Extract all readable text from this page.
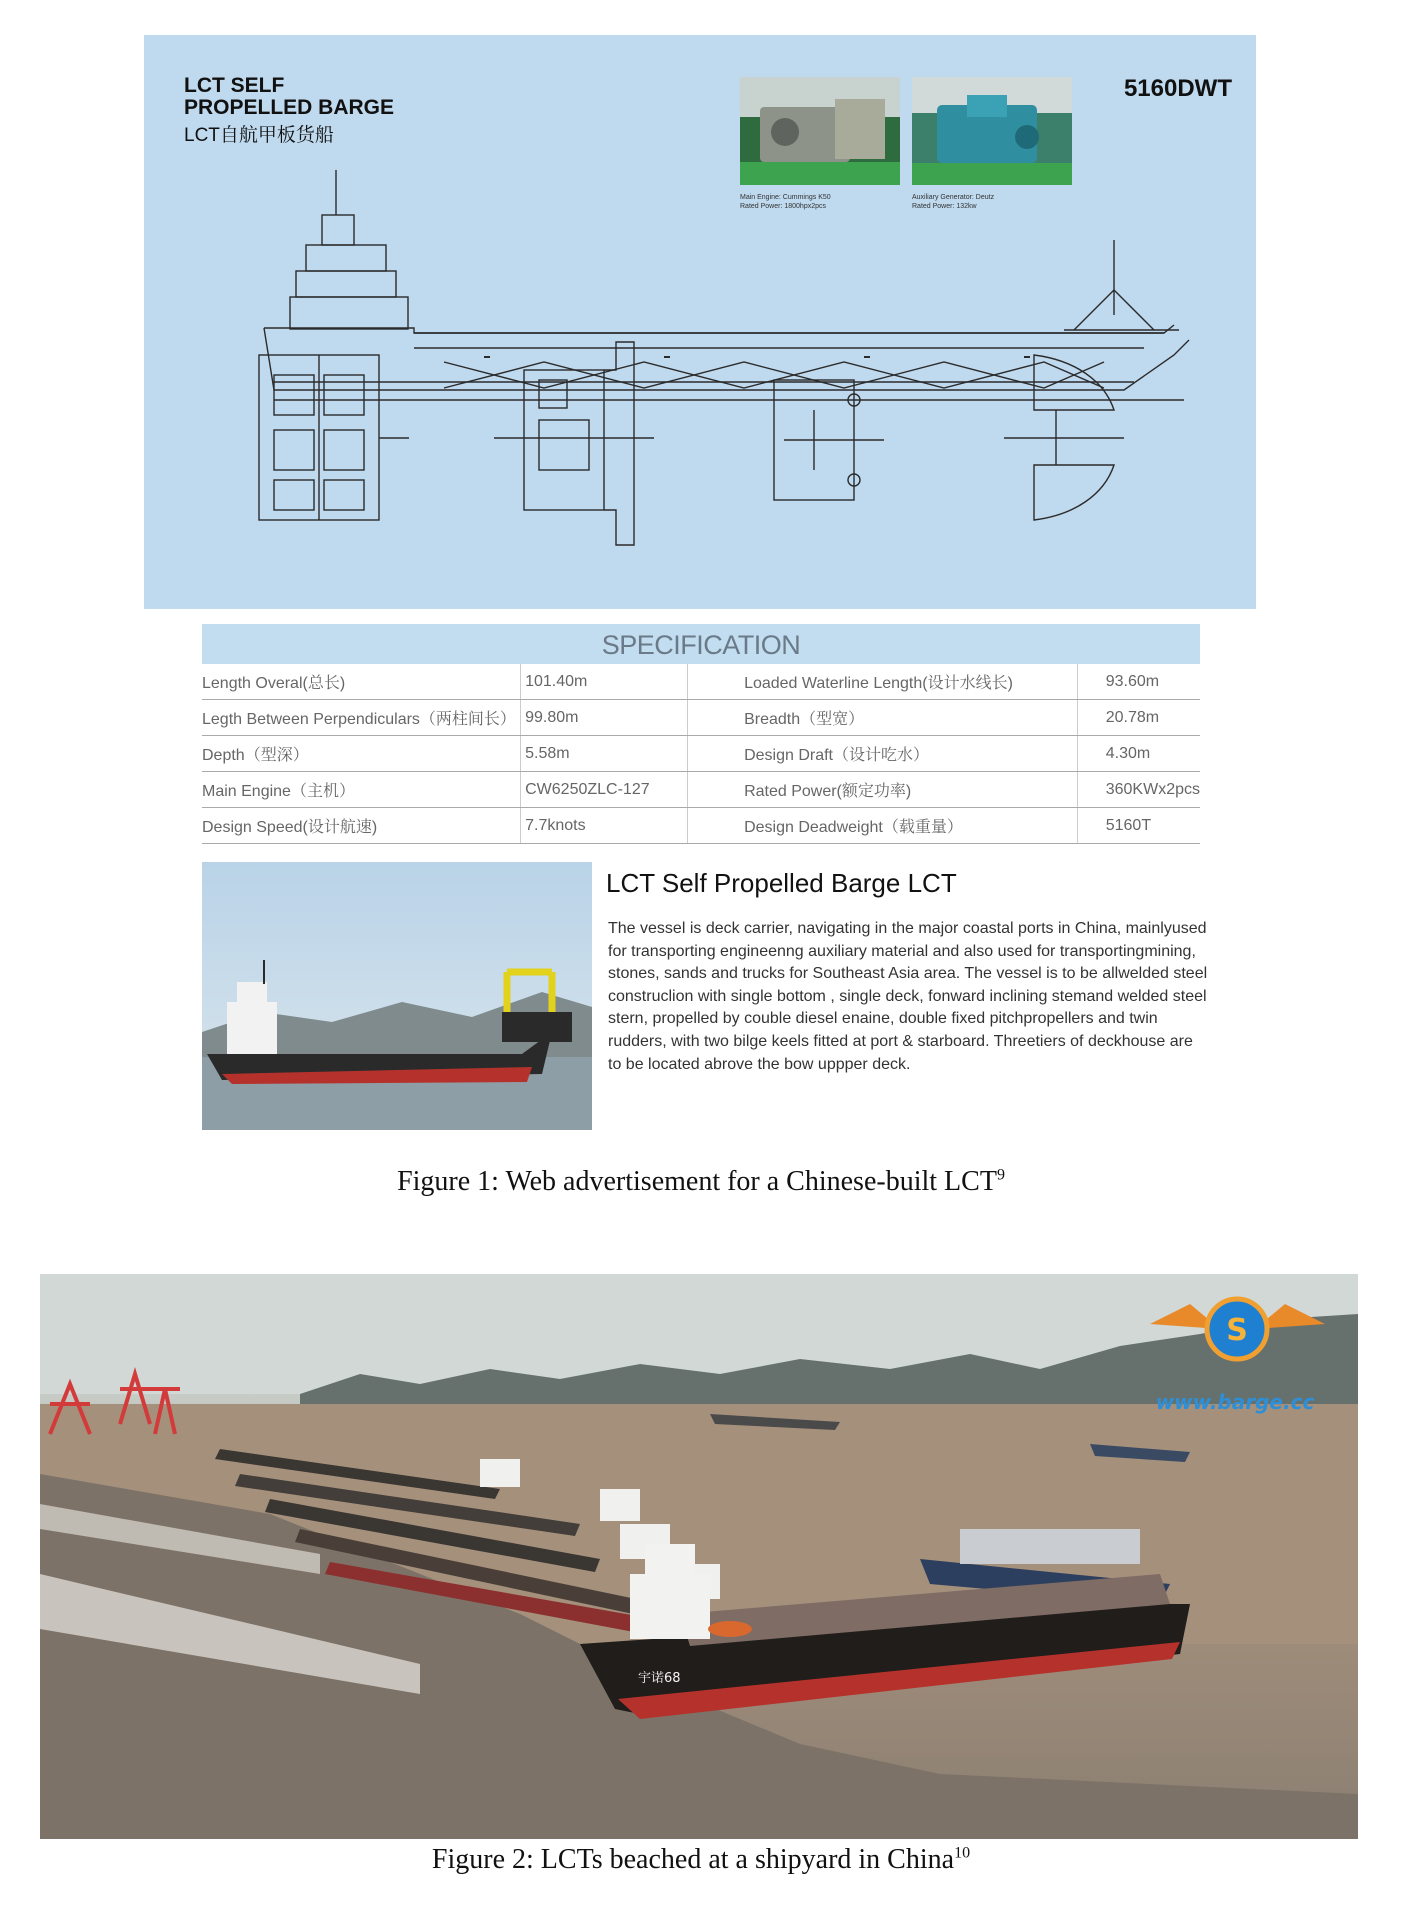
LCT SELF
PROPELLED BARGE
LCT自航甲板货船
5160DWT
Main Engine: Cummings K50
Rated Power: 1800hpx2pcs
Auxiliary Generator: Deutz
Rated Power: 132kw
SPECIFICATION
Length Overal(总长)	101.40m	Loaded Waterline Length(设计水线长)	93.60m
Legth Between Perpendiculars（两柱间长）	99.80m	Breadth（型宽）	20.78m
Depth（型深）	5.58m	Design Draft（设计吃水）	4.30m
Main Engine（主机）	CW6250ZLC-127	Rated Power(额定功率)	360KWx2pcs
Design Speed(设计航速)	7.7knots	Design Deadweight（载重量）	5160T
LCT Self Propelled Barge LCT
The vessel is deck carrier, navigating in the major coastal ports in China, mainlyused for transporting engineenng auxiliary material and also used for transportingmining, stones, sands and trucks for Southeast Asia area. The vessel is to be allwelded steel construclion with single bottom , single deck, fonward inclining stemand welded steel stern, propelled by couble diesel enaine, double fixed pitchpropellers and twin rudders, with two bilge keels fitted at port & starboard. Threetiers of deckhouse are to be located abrove the bow uppper deck.
Figure 1: Web advertisement for a Chinese-built LCT$^9$
宇诺68
S
www.barge.cc
Figure 2: LCTs beached at a shipyard in China$^{10}$
